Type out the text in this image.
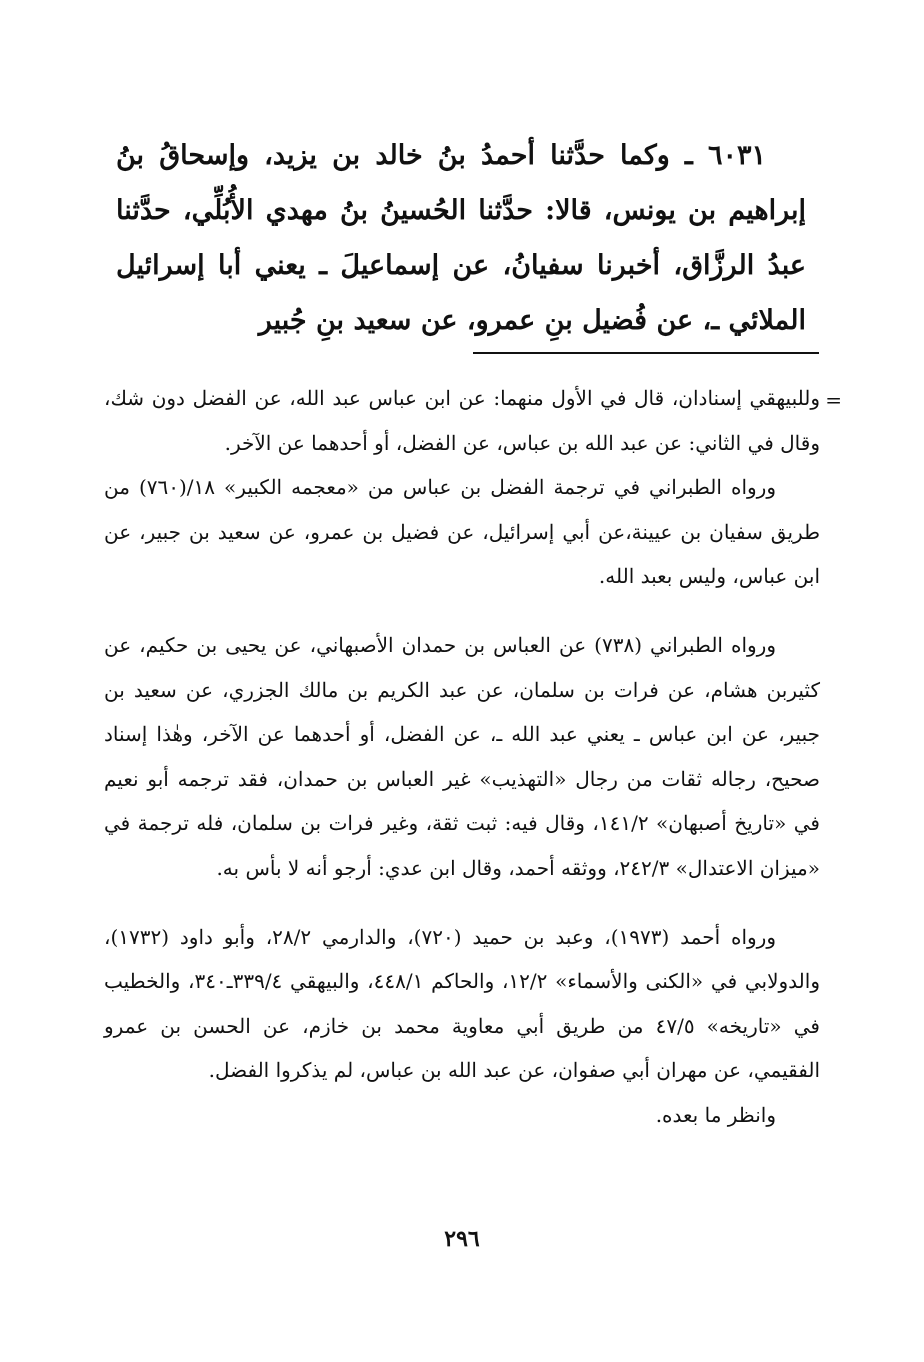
٦٠٣١ ـ وكما حدَّثنا أحمدُ بنُ خالد بن يزيد، وإسحاقُ بنُ إبراهيم بن يونس، قالا: حدَّثنا الحُسينُ بنُ مهدي الأُبُلِّي، حدَّثنا عبدُ الرزَّاق، أخبرنا سفيانُ، عن إسماعيلَ ـ يعني أبا إسرائيل الملائي ـ، عن فُضيل بنِ عمرو، عن سعيد بنِ جُبير

=

وللبيهقي إسنادان، قال في الأول منهما: عن ابن عباس عبد الله، عن الفضل دون شك، وقال في الثاني: عن عبد الله بن عباس، عن الفضل، أو أحدهما عن الآخر.

ورواه الطبراني في ترجمة الفضل بن عباس من «معجمه الكبير» ١٨/(٧٦٠) من طريق سفيان بن عيينة،عن أبي إسرائيل، عن فضيل بن عمرو، عن سعيد بن جبير، عن ابن عباس، وليس بعبد الله.

ورواه الطبراني (٧٣٨) عن العباس بن حمدان الأصبهاني، عن يحيى بن حكيم، عن كثيربن هشام، عن فرات بن سلمان، عن عبد الكريم بن مالك الجزري، عن سعيد بن جبير، عن ابن عباس ـ يعني عبد الله ـ، عن الفضل، أو أحدهما عن الآخر، وهٰذا إسناد صحيح، رجاله ثقات من رجال «التهذيب» غير العباس بن حمدان، فقد ترجمه أبو نعيم في «تاريخ أصبهان» ١٤١/٢، وقال فيه: ثبت ثقة، وغير فرات بن سلمان، فله ترجمة في «ميزان الاعتدال» ٢٤٢/٣، ووثقه أحمد، وقال ابن عدي: أرجو أنه لا بأس به.

ورواه أحمد (١٩٧٣)، وعبد بن حميد (٧٢٠)، والدارمي ٢٨/٢، وأبو داود (١٧٣٢)، والدولابي في «الكنى والأسماء» ١٢/٢، والحاكم ٤٤٨/١، والبيهقي ٣٣٩/٤ـ٣٤٠، والخطيب في «تاريخه» ٤٧/٥ من طريق أبي معاوية محمد بن خازم، عن الحسن بن عمرو الفقيمي، عن مهران أبي صفوان، عن عبد الله بن عباس، لم يذكروا الفضل.

وانظر ما بعده.

٢٩٦
